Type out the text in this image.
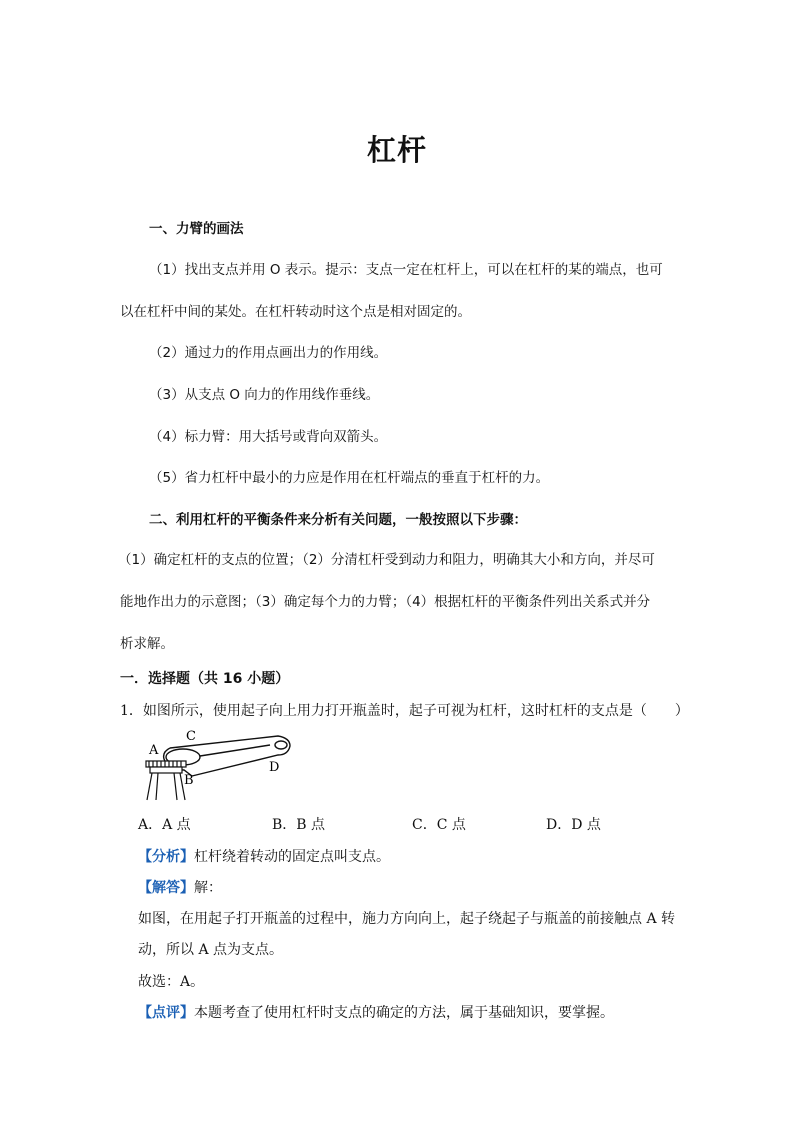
杠杆
一、力臂的画法
（1）找出支点并用 O 表示。提示：支点一定在杠杆上，可以在杠杆的某的端点，也可
以在杠杆中间的某处。在杠杆转动时这个点是相对固定的。
（2）通过力的作用点画出力的作用线。
（3）从支点 O 向力的作用线作垂线。
（4）标力臂：用大括号或背向双箭头。
（5）省力杠杆中最小的力应是作用在杠杆端点的垂直于杠杆的力。
二、利用杠杆的平衡条件来分析有关问题，一般按照以下步骤：
（1）确定杠杆的支点的位置；（2）分清杠杆受到动力和阻力，明确其大小和方向，并尽可
能地作出力的示意图；（3）确定每个力的力臂；（4）根据杠杆的平衡条件列出关系式并分
析求解。
一．选择题（共 16 小题）
1．如图所示，使用起子向上用力打开瓶盖时，起子可视为杠杆，这时杠杆的支点是（　　）
A
B
C
D
A．A 点	B．B 点	C．C 点	D．D 点
【分析】杠杆绕着转动的固定点叫支点。
【解答】解：
如图，在用起子打开瓶盖的过程中，施力方向向上，起子绕起子与瓶盖的前接触点 A 转
动，所以 A 点为支点。
故选：A。
【点评】本题考查了使用杠杆时支点的确定的方法，属于基础知识，要掌握。
